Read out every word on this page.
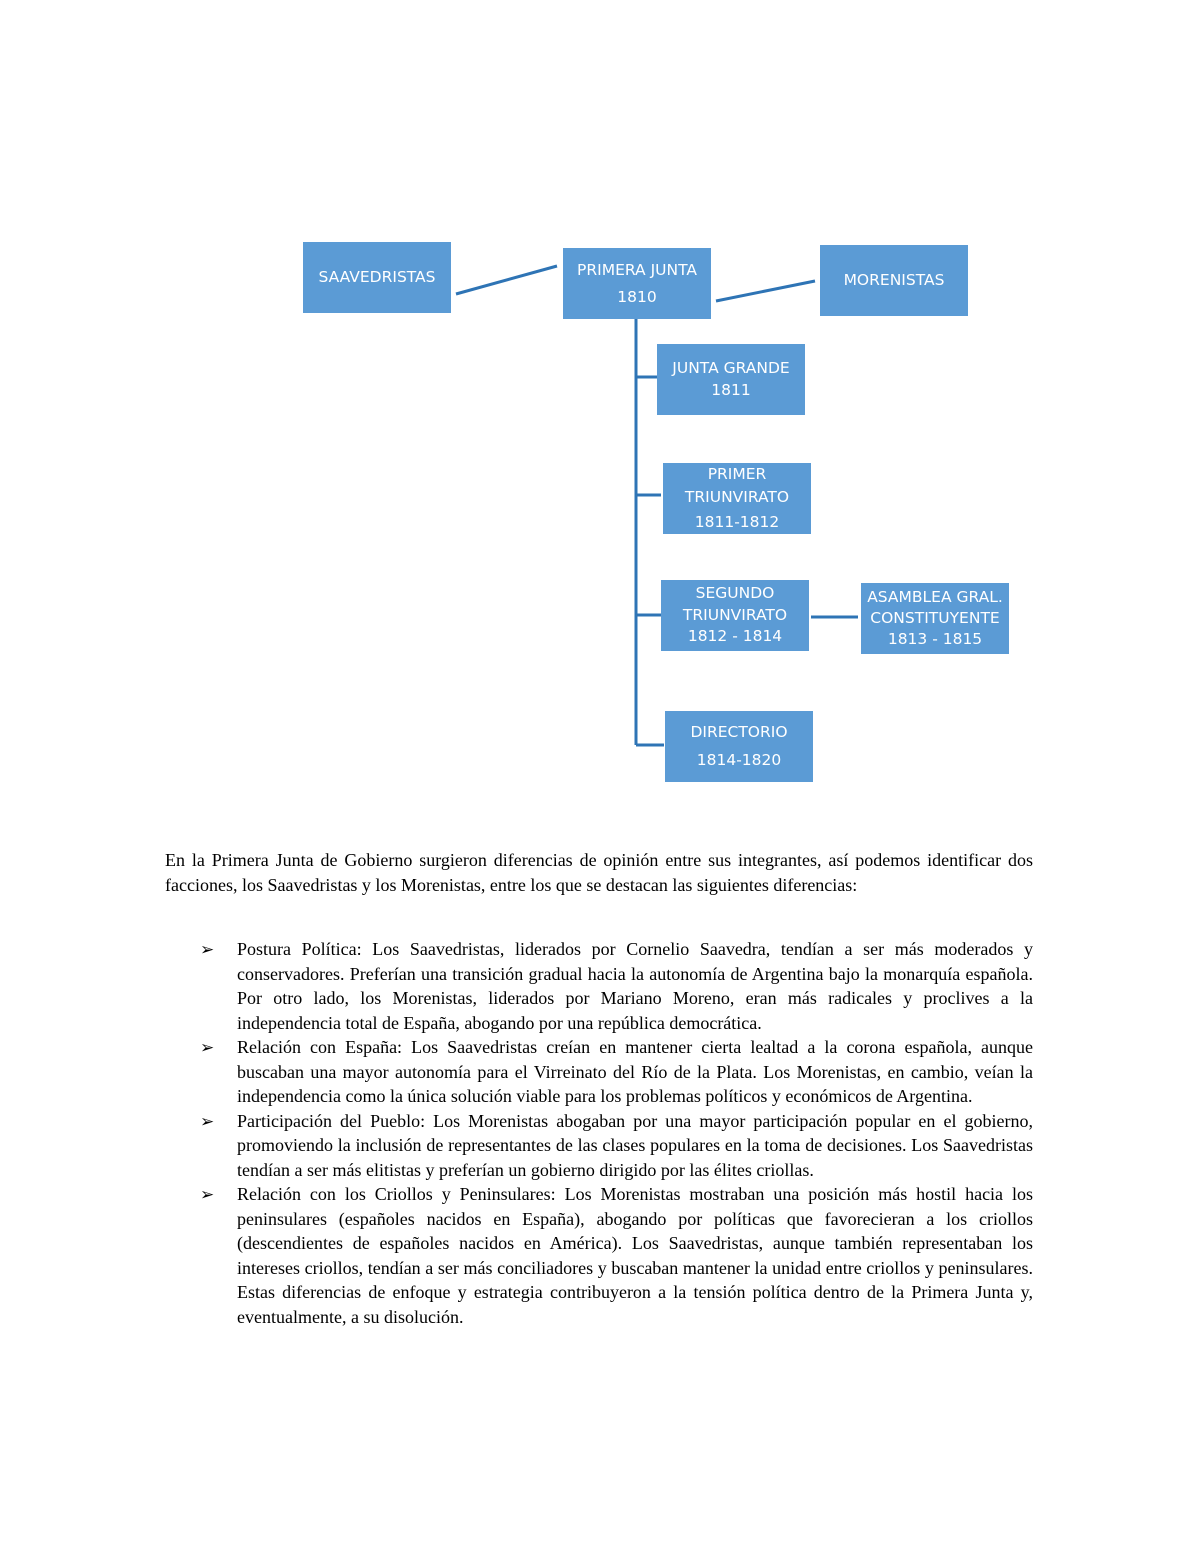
SAAVEDRISTAS	PRIMERA JUNTA
1810
MORENISTAS
JUNTA GRANDE
1811
PRIMER
TRIUNVIRATO
1811-1812
SEGUNDO
TRIUNVIRATO
1812 - 1814
ASAMBLEA GRAL.
CONSTITUYENTE
1813 - 1815
DIRECTORIO
1814-1820

En la Primera Junta de Gobierno surgieron diferencias de opinión entre sus integrantes, así podemos identificar dos facciones, los Saavedristas y los Morenistas, entre los que se destacan las siguientes diferencias:

➢ Postura Política: Los Saavedristas, liderados por Cornelio Saavedra, tendían a ser más moderados y conservadores. Preferían una transición gradual hacia la autonomía de Argentina bajo la monarquía española. Por otro lado, los Morenistas, liderados por Mariano Moreno, eran más radicales y proclives a la independencia total de España, abogando por una república democrática.
➢ Relación con España: Los Saavedristas creían en mantener cierta lealtad a la corona española, aunque buscaban una mayor autonomía para el Virreinato del Río de la Plata. Los Morenistas, en cambio, veían la independencia como la única solución viable para los problemas políticos y económicos de Argentina.
➢ Participación del Pueblo: Los Morenistas abogaban por una mayor participación popular en el gobierno, promoviendo la inclusión de representantes de las clases populares en la toma de decisiones. Los Saavedristas tendían a ser más elitistas y preferían un gobierno dirigido por las élites criollas.
➢ Relación con los Criollos y Peninsulares: Los Morenistas mostraban una posición más hostil hacia los peninsulares (españoles nacidos en España), abogando por políticas que favorecieran a los criollos (descendientes de españoles nacidos en América). Los Saavedristas, aunque también representaban los intereses criollos, tendían a ser más conciliadores y buscaban mantener la unidad entre criollos y peninsulares. Estas diferencias de enfoque y estrategia contribuyeron a la tensión política dentro de la Primera Junta y, eventualmente, a su disolución.
